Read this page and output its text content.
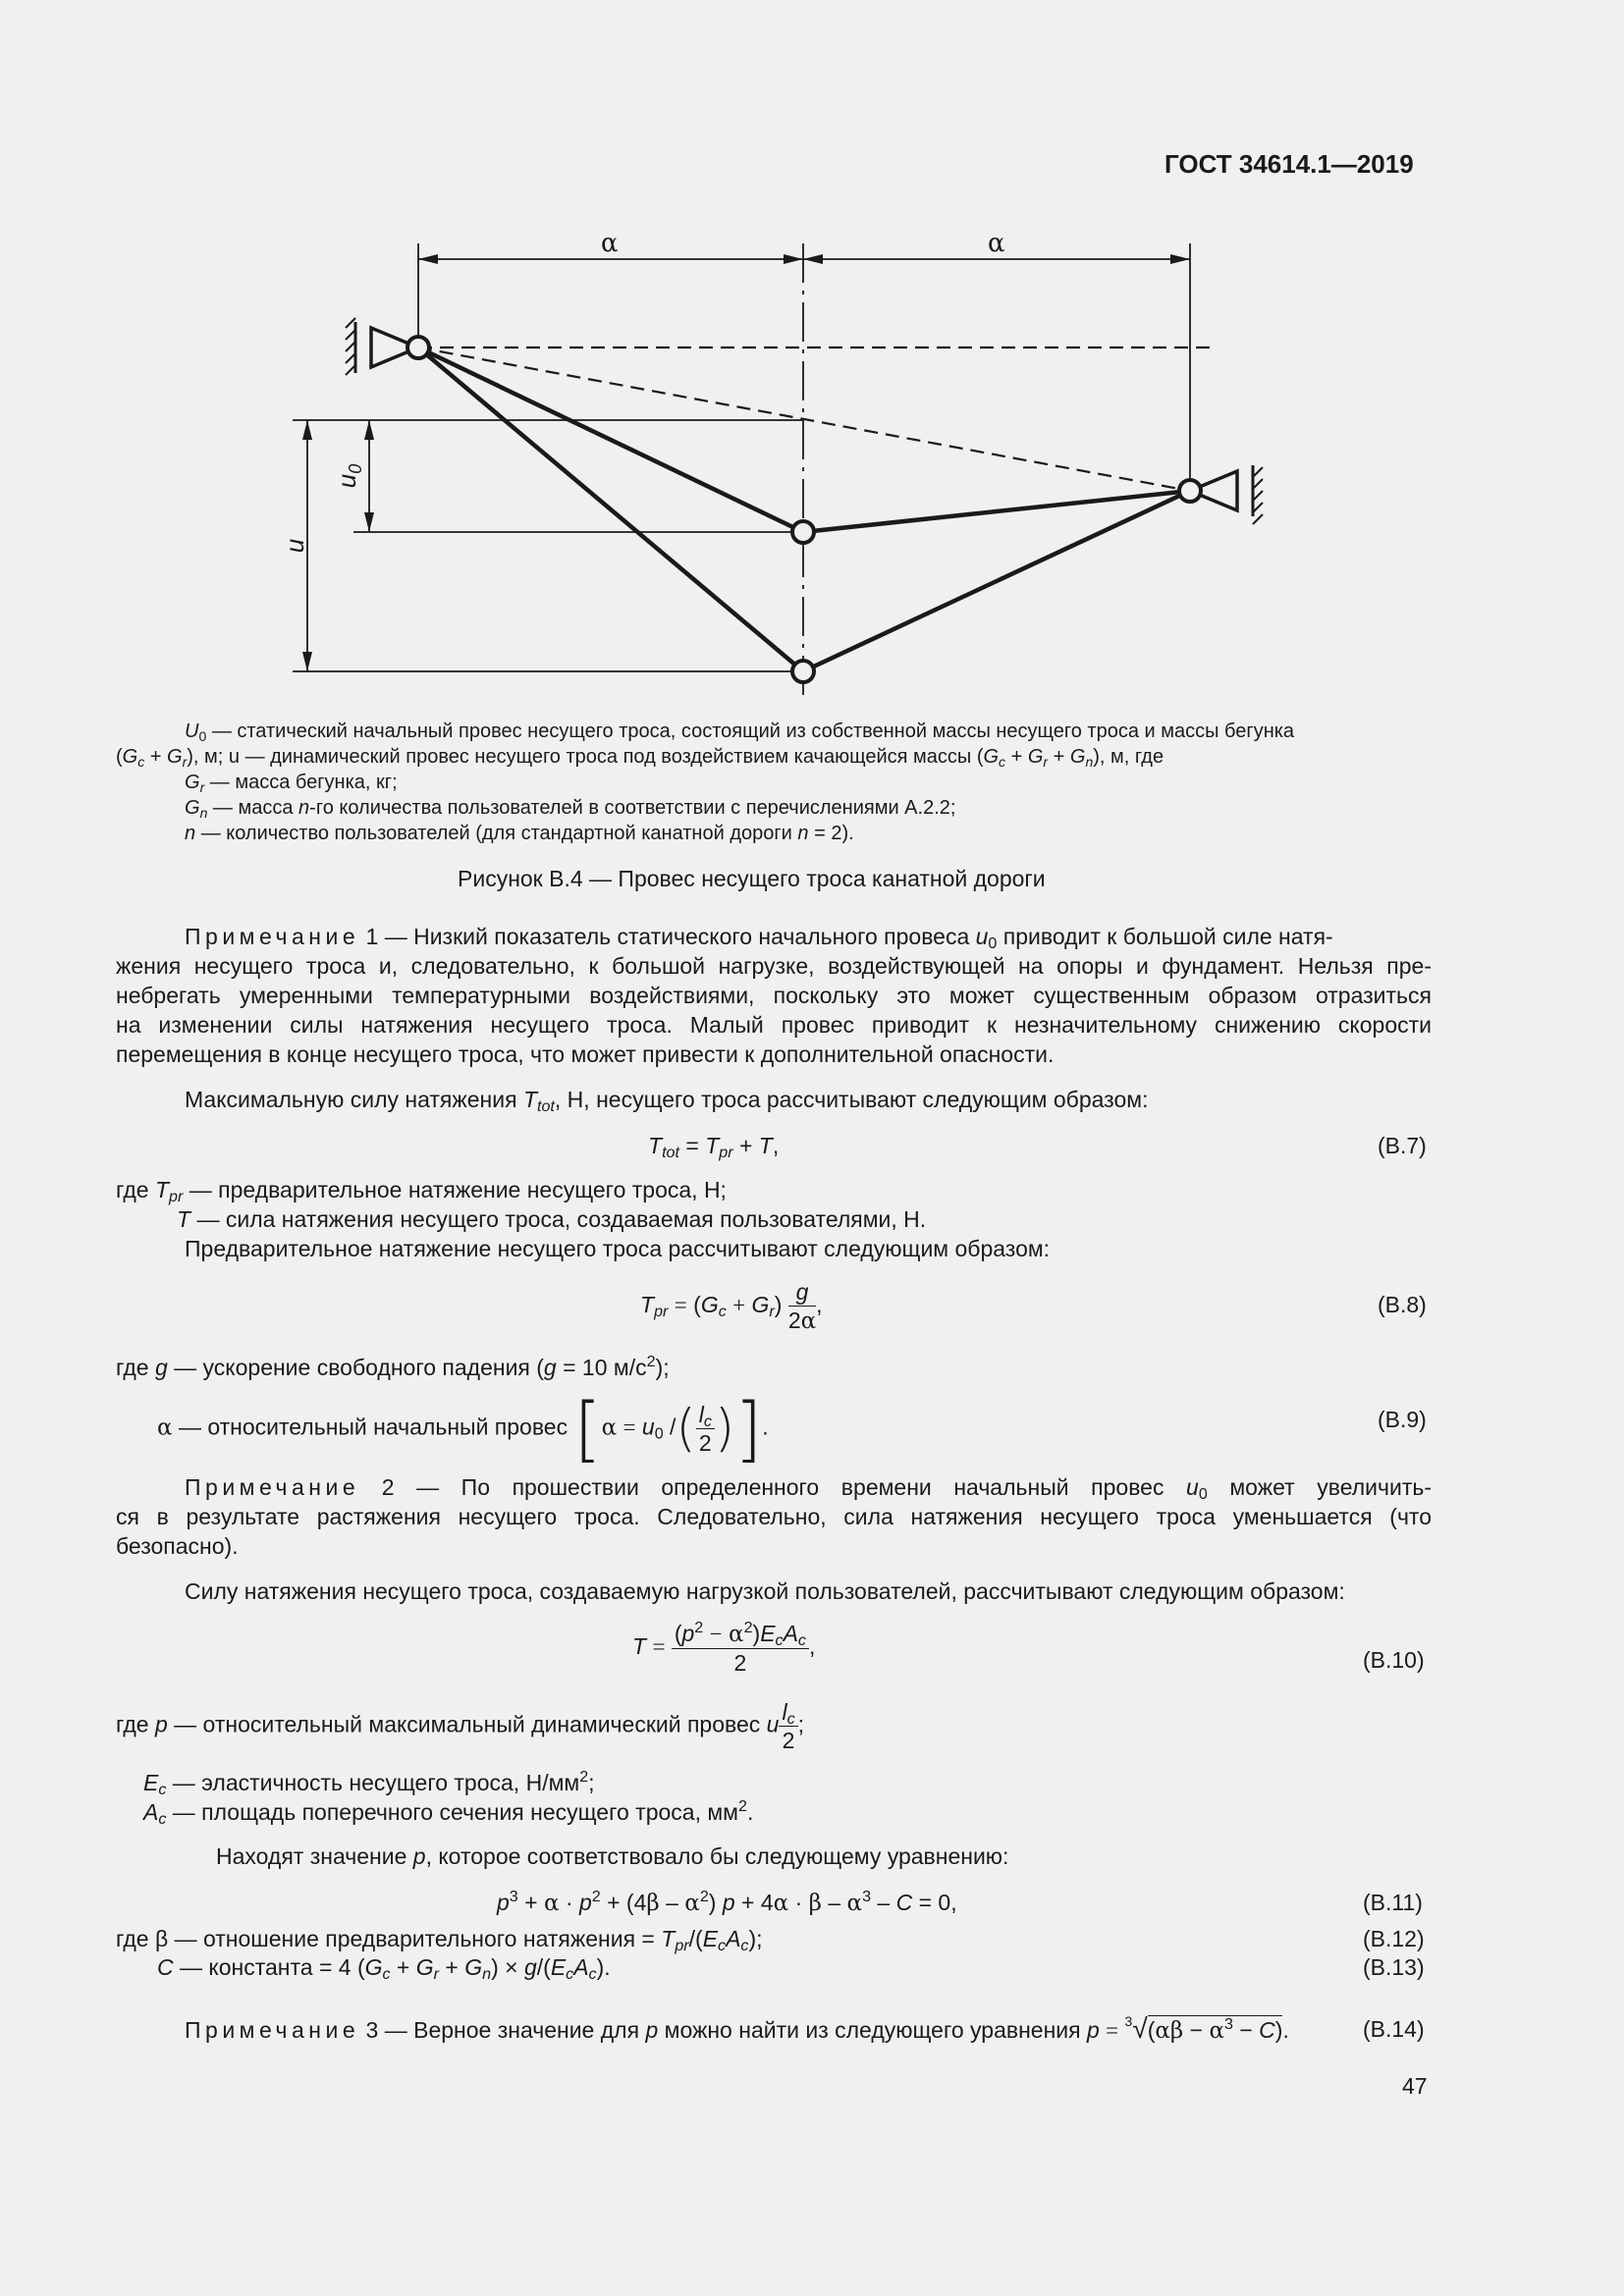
ГОСТ 34614.1—2019
α	α
$u_0$
u
$U_0$ — статический начальный провес несущего троса, состоящий из собственной массы несущего троса и массы бегунка
$(G_c + G_r)$, м; u — динамический провес несущего троса под воздействием качающейся массы $(G_c + G_r + G_n)$, м, где
$G_r$ — масса бегунка, кг;
$G_n$ — масса n-го количества пользователей в соответствии с перечислениями А.2.2;
n — количество пользователей (для стандартной канатной дороги n = 2).
Рисунок В.4 — Провес несущего троса канатной дороги
Примечание 1 — Низкий показатель статического начального провеса $u_0$ приводит к большой силе натя-
жения несущего троса и, следовательно, к большой нагрузке, воздействующей на опоры и фундамент. Нельзя пре-
небрегать умеренными температурными воздействиями, поскольку это может существенным образом отразиться
на изменении силы натяжения несущего троса. Малый провес приводит к незначительному снижению скорости
перемещения в конце несущего троса, что может привести к дополнительной опасности.
Максимальную силу натяжения $T_{tot}$, Н, несущего троса рассчитывают следующим образом:
$T_{tot} = T_{pr} + T$,	(В.7)
где $T_{pr}$ — предварительное натяжение несущего троса, Н;
T — сила натяжения несущего троса, создаваемая пользователями, Н.
Предварительное натяжение несущего троса рассчитывают следующим образом:
$T_{pr} = (G_c + G_r) \frac{g}{2\alpha}$ ,	(В.8)
где g — ускорение свободного падения (g = 10 $м/с^2$);
α — относительный начальный провес [$\alpha = u_0$ /( $\frac{l_c}{2}$ )].	(В.9)
Примечание 2 — По прошествии определенного времени начальный провес $u_0$ может увеличить-
ся в результате растяжения несущего троса. Следовательно, сила натяжения несущего троса уменьшается (что
безопасно).
Силу натяжения несущего троса, создаваемую нагрузкой пользователей, рассчитывают следующим образом:
$T = \frac{(p^2 - \alpha^2)E_cA_c}{2}$ ,
(В.10)
где p — относительный максимальный динамический провес u $\frac{l_c}{2}$ ;
$E_c$ — эластичность несущего троса, $Н/мм^2$;
$A_c$ — площадь поперечного сечения несущего троса, $мм^2$.
Находят значение p, которое соответствовало бы следующему уравнению:
$p^3 + \alpha \cdot p^2 + (4\beta - \alpha^2) p + 4\alpha \cdot \beta - \alpha^3 - C = 0$,	(В.11)
где β — отношение предварительного натяжения = $T_{pr}/(E_cA_c)$;	(В.12)
C — константа = 4 $(G_c + G_r + G_n) \times g/(E_cA_c)$.	(В.13)
Примечание 3 — Верное значение для p можно найти из следующего уравнения $p = ^3√(\alpha\beta - \alpha^3 - C)$.	(В.14)
47
